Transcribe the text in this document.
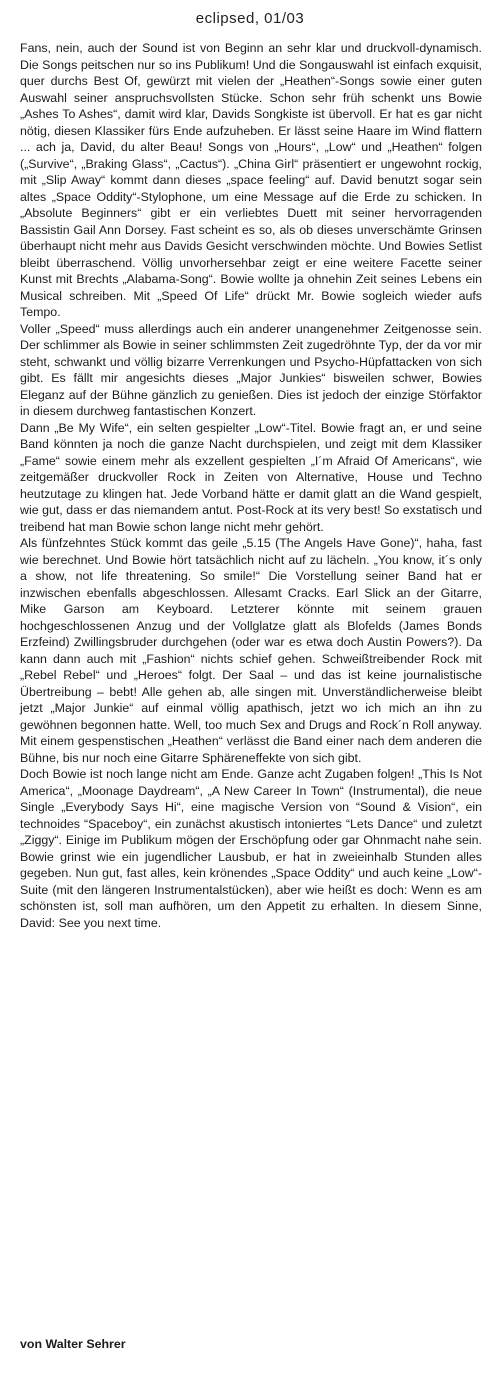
eclipsed, 01/03

Fans, nein, auch der Sound ist von Beginn an sehr klar und druckvoll-dynamisch. Die Songs peitschen nur so ins Publikum! Und die Songauswahl ist einfach exquisit, quer durchs Best Of, gewürzt mit vielen der „Heathen“-Songs sowie einer guten Auswahl seiner anspruchsvollsten Stücke. Schon sehr früh schenkt uns Bowie „Ashes To Ashes“, damit wird klar, Davids Songkiste ist übervoll. Er hat es gar nicht nötig, diesen Klassiker fürs Ende aufzuheben. Er lässt seine Haare im Wind flattern ... ach ja, David, du alter Beau! Songs von „Hours“, „Low“ und „Heathen“ folgen („Survive“, „Braking Glass“, „Cactus“). „China Girl“ präsentiert er ungewohnt rockig, mit „Slip Away“ kommt dann dieses „space feeling“ auf. David benutzt sogar sein altes „Space Oddity“-Stylophone, um eine Message auf die Erde zu schicken. In „Absolute Beginners“ gibt er ein verliebtes Duett mit seiner hervorragenden Bassistin Gail Ann Dorsey. Fast scheint es so, als ob dieses unverschämte Grinsen überhaupt nicht mehr aus Davids Gesicht verschwinden möchte. Und Bowies Setlist bleibt überraschend. Völlig unvorhersehbar zeigt er eine weitere Facette seiner Kunst mit Brechts „Alabama-Song“. Bowie wollte ja ohnehin Zeit seines Lebens ein Musical schreiben. Mit „Speed Of Life“ drückt Mr. Bowie sogleich wieder aufs Tempo.

Voller „Speed“ muss allerdings auch ein anderer unangenehmer Zeitgenosse sein. Der schlimmer als Bowie in seiner schlimmsten Zeit zugedröhnte Typ, der da vor mir steht, schwankt und völlig bizarre Verrenkungen und Psycho-Hüpfattacken von sich gibt. Es fällt mir angesichts dieses „Major Junkies“ bisweilen schwer, Bowies Eleganz auf der Bühne gänzlich zu genießen. Dies ist jedoch der einzige Störfaktor in diesem durchweg fantastischen Konzert.

Dann „Be My Wife“, ein selten gespielter „Low“-Titel. Bowie fragt an, er und seine Band könnten ja noch die ganze Nacht durchspielen, und zeigt mit dem Klassiker „Fame“ sowie einem mehr als exzellent gespielten „I´m Afraid Of Americans“, wie zeitgemäßer druckvoller Rock in Zeiten von Alternative, House und Techno heutzutage zu klingen hat. Jede Vorband hätte er damit glatt an die Wand gespielt, wie gut, dass er das niemandem antut. Post-Rock at its very best! So exstatisch und treibend hat man Bowie schon lange nicht mehr gehört.

Als fünfzehntes Stück kommt das geile „5.15 (The Angels Have Gone)“, haha, fast wie berechnet. Und Bowie hört tatsächlich nicht auf zu lächeln. „You know, it´s only a show, not life threatening. So smile!“ Die Vorstellung seiner Band hat er inzwischen ebenfalls abgeschlossen. Allesamt Cracks. Earl Slick an der Gitarre, Mike Garson am Keyboard. Letzterer könnte mit seinem grauen hochgeschlossenen Anzug und der Vollglatze glatt als Blofelds (James Bonds Erzfeind) Zwillingsbruder durchgehen (oder war es etwa doch Austin Powers?). Da kann dann auch mit „Fashion“ nichts schief gehen. Schweißtreibender Rock mit „Rebel Rebel“ und „Heroes“ folgt. Der Saal – und das ist keine journalistische Übertreibung – bebt! Alle gehen ab, alle singen mit. Unverständlicherweise bleibt jetzt „Major Junkie“ auf einmal völlig apathisch, jetzt wo ich mich an ihn zu gewöhnen begonnen hatte. Well, too much Sex and Drugs and Rock´n Roll anyway. Mit einem gespenstischen „Heathen“ verlässt die Band einer nach dem anderen die Bühne, bis nur noch eine Gitarre Sphäreneffekte von sich gibt.

Doch Bowie ist noch lange nicht am Ende. Ganze acht Zugaben folgen! „This Is Not America“, „Moonage Daydream“, „A New Career In Town“ (Instrumental), die neue Single „Everybody Says Hi“, eine magische Version von “Sound & Vision“, ein technoides “Spaceboy“, ein zunächst akustisch intoniertes “Lets Dance“ und zuletzt „Ziggy“. Einige im Publikum mögen der Erschöpfung oder gar Ohnmacht nahe sein. Bowie grinst wie ein jugendlicher Lausbub, er hat in zweieinhalb Stunden alles gegeben. Nun gut, fast alles, kein krönendes „Space Oddity“ und auch keine „Low“-Suite (mit den längeren Instrumentalstücken), aber wie heißt es doch: Wenn es am schönsten ist, soll man aufhören, um den Appetit zu erhalten. In diesem Sinne, David: See you next time.

von Walter Sehrer
